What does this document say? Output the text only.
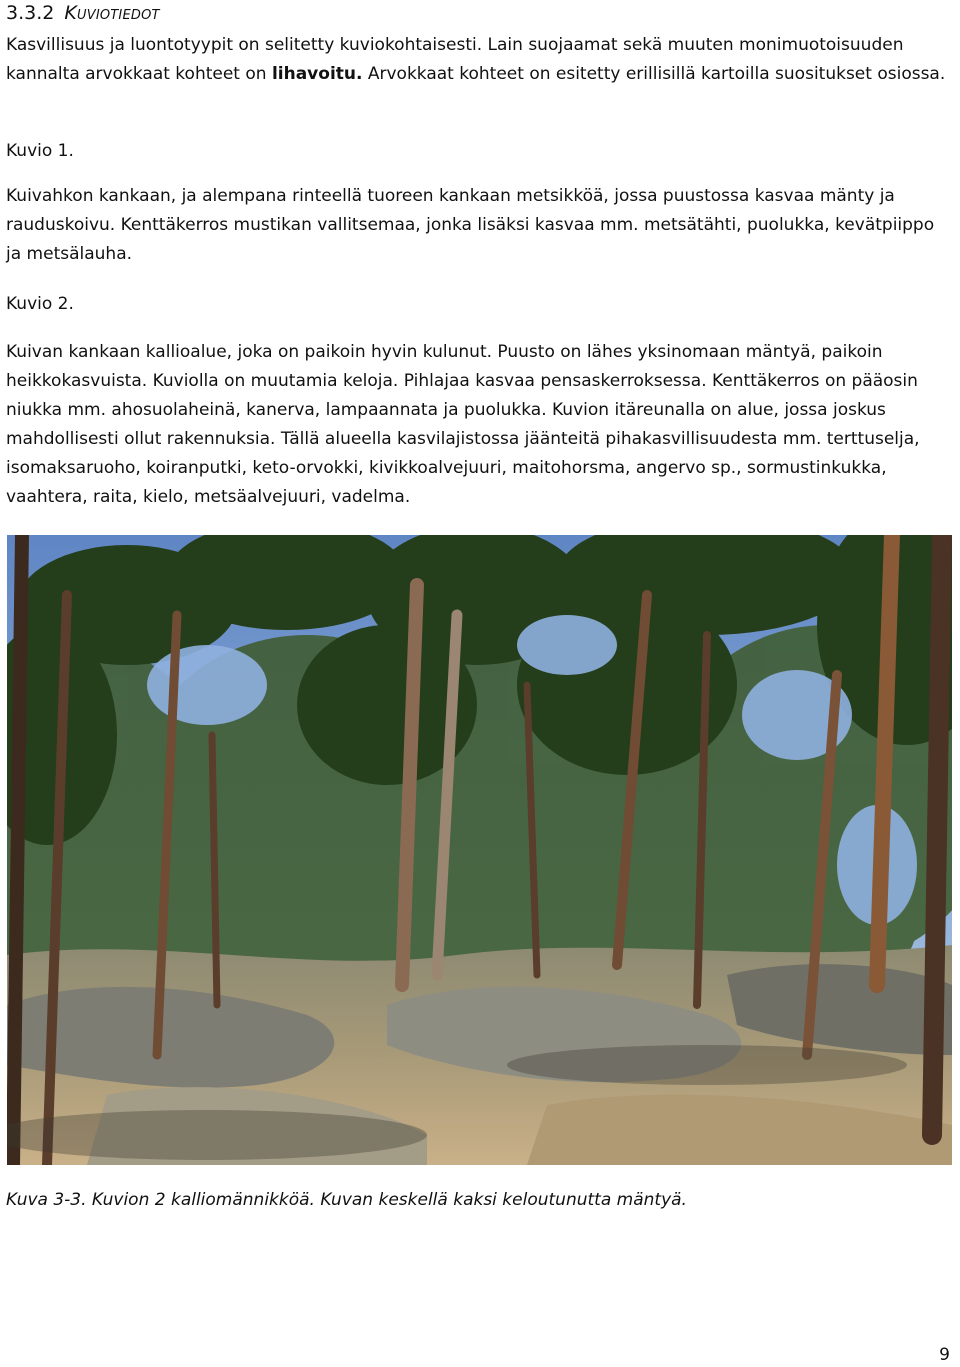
3.3.2 Kuviotiedot

Kasvillisuus ja luontotyypit on selitetty kuviokohtaisesti. Lain suojaamat sekä muuten monimuotoisuuden kannalta arvokkaat kohteet on lihavoitu. Arvokkaat kohteet on esitetty erillisillä kartoilla suositukset osiossa.

Kuvio 1.

Kuivahkon kankaan, ja alempana rinteellä tuoreen kankaan metsikköä, jossa puustossa kasvaa mänty ja rauduskoivu. Kenttäkerros mustikan vallitsemaa, jonka lisäksi kasvaa mm. metsätähti, puolukka, kevätpiippo ja metsälauha.

Kuvio 2.

Kuivan kankaan kallioalue, joka on paikoin hyvin kulunut. Puusto on lähes yksinomaan mäntyä, paikoin heikkokasvuista. Kuviolla on muutamia keloja. Pihlajaa kasvaa pensaskerroksessa. Kenttäkerros on pääosin niukka mm. ahosuolaheinä, kanerva, lampaannata ja puolukka. Kuvion itäreunalla on alue, jossa joskus mahdollisesti ollut rakennuksia. Tällä alueella kasvilajistossa jäänteitä pihakasvillisuudesta mm. terttuselja, isomaksaruoho, koiranputki, keto-orvokki, kivikkoalvejuuri, maitohorsma, angervo sp., sormustinkukka, vaahtera, raita, kielo, metsäalvejuuri, vadelma.

Kuva 3-3. Kuvion 2 kalliomännikköä. Kuvan keskellä kaksi keloutunutta mäntyä.
9
